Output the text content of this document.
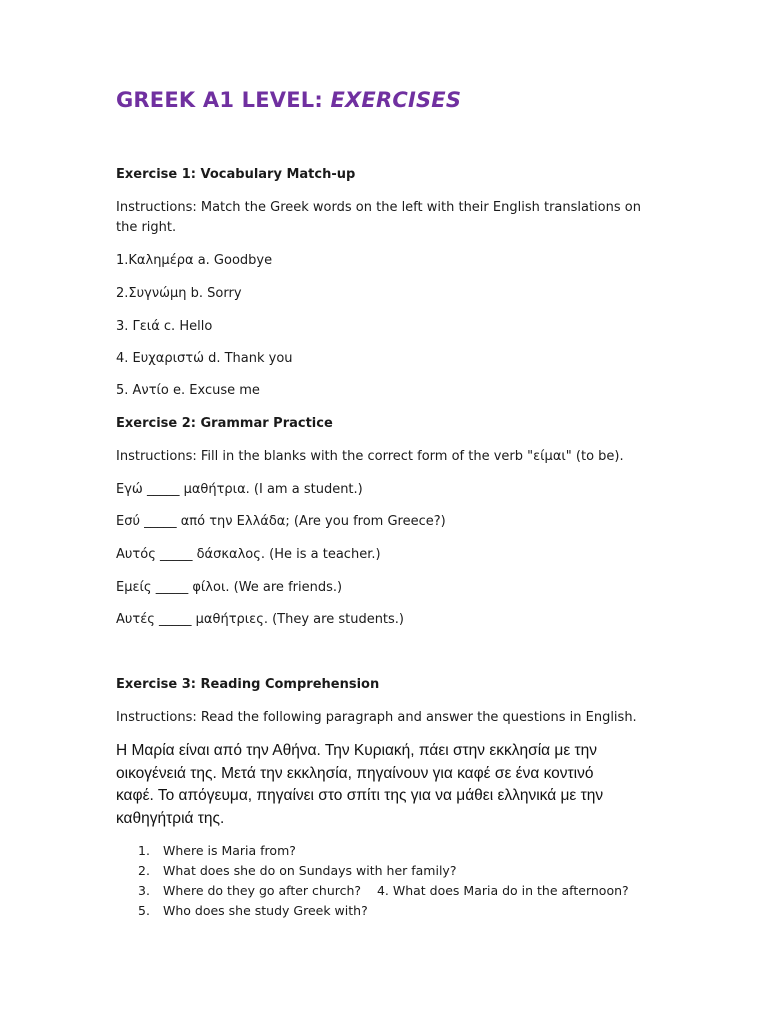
GREEK A1 LEVEL: EXERCISES

Exercise 1: Vocabulary Match-up

Instructions: Match the Greek words on the left with their English translations on the right.

1.Καλημέρα a. Goodbye

2.Συγνώμη b. Sorry

3. Γειά c. Hello

4. Ευχαριστώ d. Thank you

5. Αντίο e. Excuse me

Exercise 2: Grammar Practice

Instructions: Fill in the blanks with the correct form of the verb "είμαι" (to be).

Εγώ _____ μαθήτρια. (I am a student.)

Εσύ _____ από την Ελλάδα; (Are you from Greece?)

Αυτός _____ δάσκαλος. (He is a teacher.)

Εμείς _____ φίλοι. (We are friends.)

Αυτές _____ μαθήτριες. (They are students.)

Exercise 3: Reading Comprehension

Instructions: Read the following paragraph and answer the questions in English.

Η Μαρία είναι από την Αθήνα. Την Κυριακή, πάει στην εκκλησία με την οικογένειά της. Μετά την εκκλησία, πηγαίνουν για καφέ σε ένα κοντινό καφέ. Το απόγευμα, πηγαίνει στο σπίτι της για να μάθει ελληνικά με την καθηγήτριά της.

1. Where is Maria from?
2. What does she do on Sundays with her family?
3. Where do they go after church?    4. What does Maria do in the afternoon?
5. Who does she study Greek with?
